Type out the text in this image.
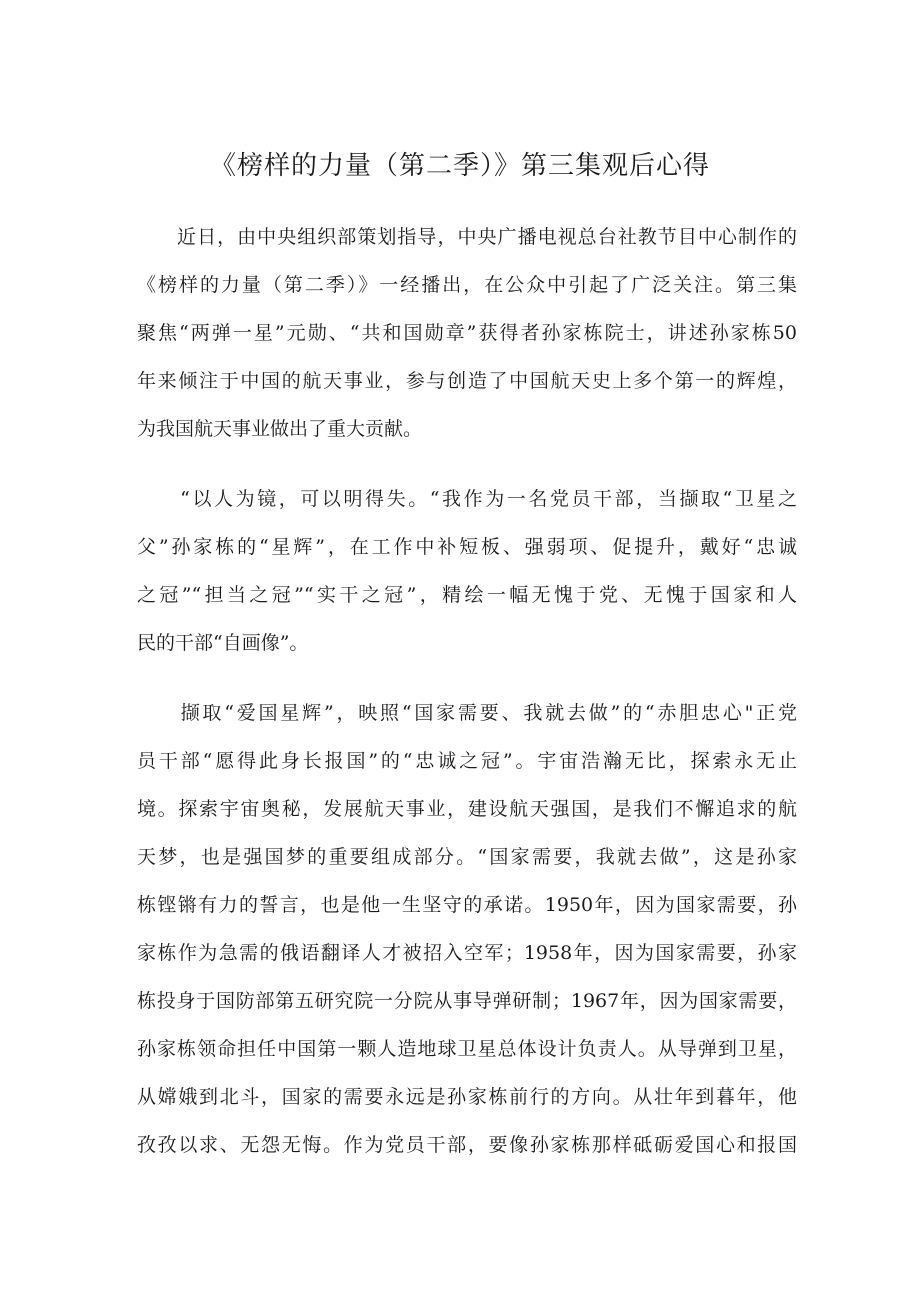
《榜样的力量（第二季）》第三集观后心得
　　近日，由中央组织部策划指导，中央广播电视总台社教节目中心制作的
《榜样的力量（第二季）》一经播出，在公众中引起了广泛关注。第三集
聚焦“两弹一星”元勋、“共和国勋章”获得者孙家栋院士，讲述孙家栋50
年来倾注于中国的航天事业，参与创造了中国航天史上多个第一的辉煌，
为我国航天事业做出了重大贡献。
　　“以人为镜，可以明得失。“我作为一名党员干部，当撷取“卫星之
父”孙家栋的“星辉”，在工作中补短板、强弱项、促提升，戴好“忠诚
之冠”“担当之冠”“实干之冠”，精绘一幅无愧于党、无愧于国家和人
民的干部“自画像”。
　　撷取“爱国星辉”，映照“国家需要、我就去做”的“赤胆忠心"正党
员干部“愿得此身长报国”的“忠诚之冠”。宇宙浩瀚无比，探索永无止
境。探索宇宙奥秘，发展航天事业，建设航天强国，是我们不懈追求的航
天梦，也是强国梦的重要组成部分。“国家需要，我就去做”，这是孙家
栋铿锵有力的誓言，也是他一生坚守的承诺。1950年，因为国家需要，孙
家栋作为急需的俄语翻译人才被招入空军；1958年，因为国家需要，孙家
栋投身于国防部第五研究院一分院从事导弹研制；1967年，因为国家需要，
孙家栋领命担任中国第一颗人造地球卫星总体设计负责人。从导弹到卫星，
从嫦娥到北斗，国家的需要永远是孙家栋前行的方向。从壮年到暮年，他
孜孜以求、无怨无悔。作为党员干部，要像孙家栋那样砥砺爱国心和报国
